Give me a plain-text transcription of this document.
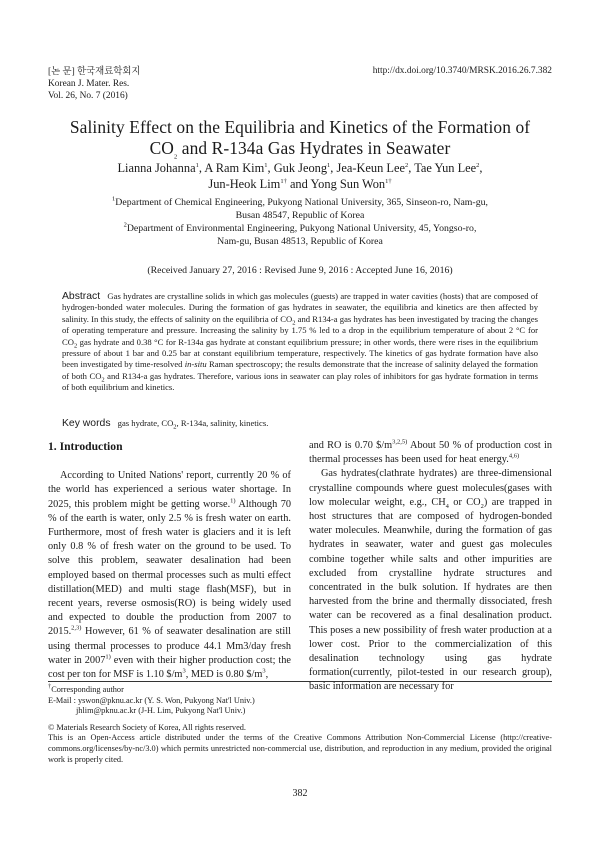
[논 문] 한국재료학회지
Korean J. Mater. Res.
Vol. 26, No. 7 (2016)
http://dx.doi.org/10.3740/MRSK.2016.26.7.382
Salinity Effect on the Equilibria and Kinetics of the Formation of
$CO_2$ and R-134a Gas Hydrates in Seawater
Lianna Johanna$^1$, A Ram Kim$^1$, Guk Jeong$^1$, Jea-Keun Lee$^2$, Tae Yun Lee$^2$,
Jun-Heok Lim$^{1\dagger}$ and Yong Sun Won$^{1\dagger}$
$^1$Department of Chemical Engineering, Pukyong National University, 365, Sinseon-ro, Nam-gu,
Busan 48547, Republic of Korea
$^2$Department of Environmental Engineering, Pukyong National University, 45, Yongso-ro,
Nam-gu, Busan 48513, Republic of Korea
(Received January 27, 2016 : Revised June 9, 2016 : Accepted June 16, 2016)
Abstract Gas hydrates are crystalline solids in which gas molecules (guests) are trapped in water cavities (hosts) that are composed of hydrogen-bonded water molecules. During the formation of gas hydrates in seawater, the equilibria and kinetics are then affected by salinity. In this study, the effects of salinity on the equilibria of $CO_2$ and R134-a gas hydrates has been investigated by tracing the changes of operating temperature and pressure. Increasing the salinity by 1.75 % led to a drop in the equilibrium temperature of about 2 °C for $CO_2$ gas hydrate and 0.38 °C for R-134a gas hydrate at constant equilibrium pressure; in other words, there were rises in the equilibrium pressure of about 1 bar and 0.25 bar at constant equilibrium temperature, respectively. The kinetics of gas hydrate formation have also been investigated by time-resolved in-situ Raman spectroscopy; the results demonstrate that the increase of salinity delayed the formation of both $CO_2$ and R134-a gas hydrates. Therefore, various ions in seawater can play roles of inhibitors for gas hydrate formation in terms of both equilibrium and kinetics.
Key words gas hydrate, $CO_2$, R-134a, salinity, kinetics.
1. Introduction

According to United Nations' report, currently 20 % of the world has experienced a serious water shortage. In 2025, this problem might be getting worse.$^{1)}$ Although 70 % of the earth is water, only 2.5 % is fresh water on earth. Furthermore, most of fresh water is glaciers and it is left only 0.8 % of fresh water on the ground to be used. To solve this problem, seawater desalination had been employed based on thermal processes such as multi effect distillation(MED) and multi stage flash(MSF), but in recent years, reverse osmosis(RO) is being widely used and expected to double the production from 2007 to 2015.$^{2,3)}$ However, 61 % of seawater desalination are still using thermal processes to produce 44.1 Mm3/day fresh water in 2007$^{1)}$ even with their higher production cost; the cost per ton for MSF is 1.10 $\$/m^3$, MED is 0.80 $\$/m^3$,

and RO is 0.70 $\$/m^{3,2,5)}$ About 50 % of production cost in thermal processes has been used for heat energy.$^{4,6)}$

Gas hydrates(clathrate hydrates) are three-dimensional crystalline compounds where guest molecules(gases with low molecular weight, e.g., $CH_4$ or $CO_2$) are trapped in host structures that are composed of hydrogen-bonded water molecules. Meanwhile, during the formation of gas hydrates in seawater, water and guest gas molecules combine together while salts and other impurities are excluded from crystalline hydrate structures and concentrated in the bulk solution. If hydrates are then harvested from the brine and thermally dissociated, fresh water can be recovered as a final desalination product. This poses a new possibility of fresh water production at a lower cost. Prior to the commercialization of this desalination technology using gas hydrate formation(currently, pilot-tested in our research group), basic information are necessary for

†Corresponding author
E-Mail : yswon@pknu.ac.kr (Y. S. Won, Pukyong Nat'l Univ.)
jhlim@pknu.ac.kr (J-H. Lim, Pukyong Nat'l Univ.)
© Materials Research Society of Korea, All rights reserved.
This is an Open-Access article distributed under the terms of the Creative Commons Attribution Non-Commercial License (http://creative-commons.org/licenses/by-nc/3.0) which permits unrestricted non-commercial use, distribution, and reproduction in any medium, provided the original work is properly cited.
382
